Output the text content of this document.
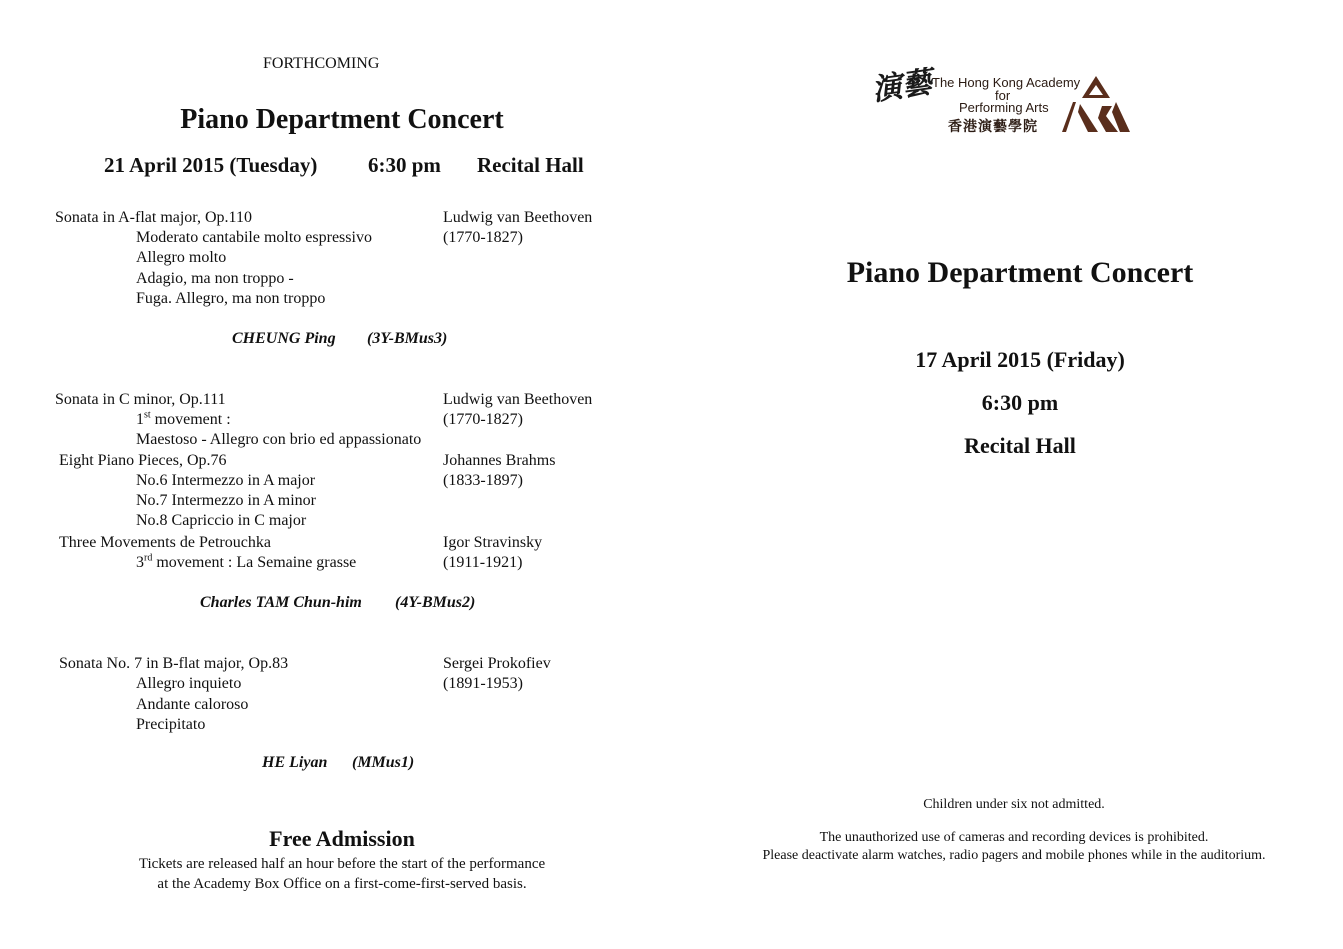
FORTHCOMING
Piano Department Concert
21 April 2015 (Tuesday) 6:30 pm Recital Hall
Sonata in A-flat major, Op.110	Ludwig van Beethoven
(1770-1827)
Moderato cantabile molto espressivo
Allegro molto
Adagio, ma non troppo -
Fuga. Allegro, ma non troppo
CHEUNG Ping (3Y-BMus3)
Sonata in C minor, Op.111	Ludwig van Beethoven
(1770-1827)
1st movement :
Maestoso - Allegro con brio ed appassionato
Eight Piano Pieces, Op.76	Johannes Brahms
(1833-1897)
No.6 Intermezzo in A major
No.7 Intermezzo in A minor
No.8 Capriccio in C major
Three Movements de Petrouchka	Igor Stravinsky
(1911-1921)
3rd movement : La Semaine grasse
Charles TAM Chun-him (4Y-BMus2)
Sonata No. 7 in B-flat major, Op.83	Sergei Prokofiev
(1891-1953)
Allegro inquieto
Andante caloroso
Precipitato
HE Liyan (MMus1)
Free Admission
Tickets are released half an hour before the start of the performance
at the Academy Box Office on a first-come-first-served basis.
演藝
The Hong Kong Academy
for
Performing Arts
香港演藝學院
Piano Department Concert
17 April 2015 (Friday)
6:30 pm
Recital Hall
Children under six not admitted.
The unauthorized use of cameras and recording devices is prohibited.
Please deactivate alarm watches, radio pagers and mobile phones while in the auditorium.
